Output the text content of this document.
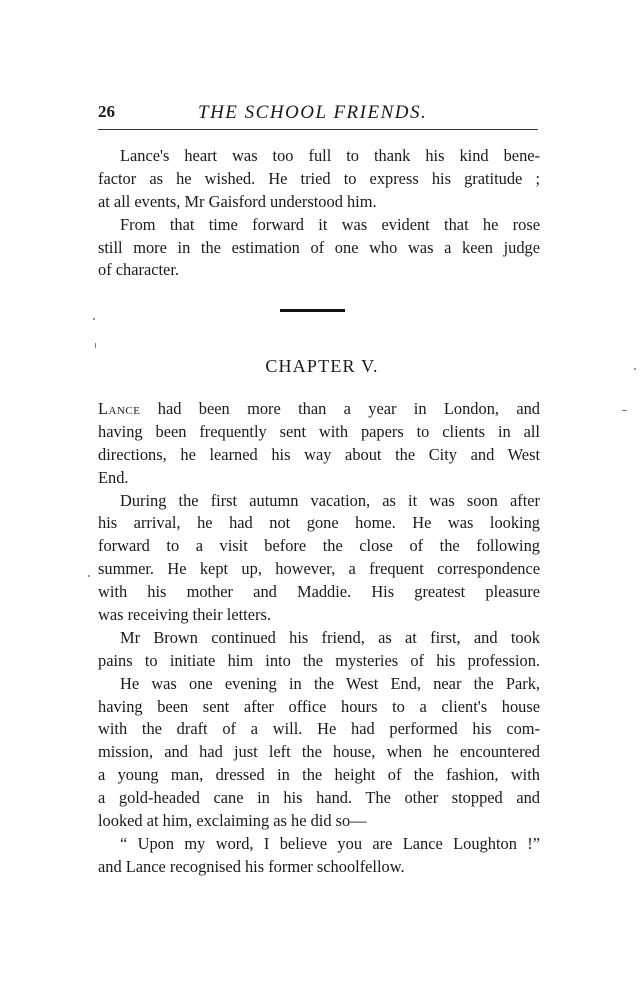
26	THE SCHOOL FRIENDS.
Lance's heart was too full to thank his kind bene-
factor as he wished. He tried to express his gratitude ;
at all events, Mr Gaisford understood him.
From that time forward it was evident that he rose
still more in the estimation of one who was a keen judge
of character.
CHAPTER V.
Lance had been more than a year in London, and
having been frequently sent with papers to clients in all
directions, he learned his way about the City and West
End.
During the first autumn vacation, as it was soon after
his arrival, he had not gone home. He was looking
forward to a visit before the close of the following
summer. He kept up, however, a frequent correspondence
with his mother and Maddie. His greatest pleasure
was receiving their letters.
Mr Brown continued his friend, as at first, and took
pains to initiate him into the mysteries of his profession.
He was one evening in the West End, near the Park,
having been sent after office hours to a client's house
with the draft of a will. He had performed his com-
mission, and had just left the house, when he encountered
a young man, dressed in the height of the fashion, with
a gold-headed cane in his hand. The other stopped and
looked at him, exclaiming as he did so—
“ Upon my word, I believe you are Lance Loughton !”
and Lance recognised his former schoolfellow.
